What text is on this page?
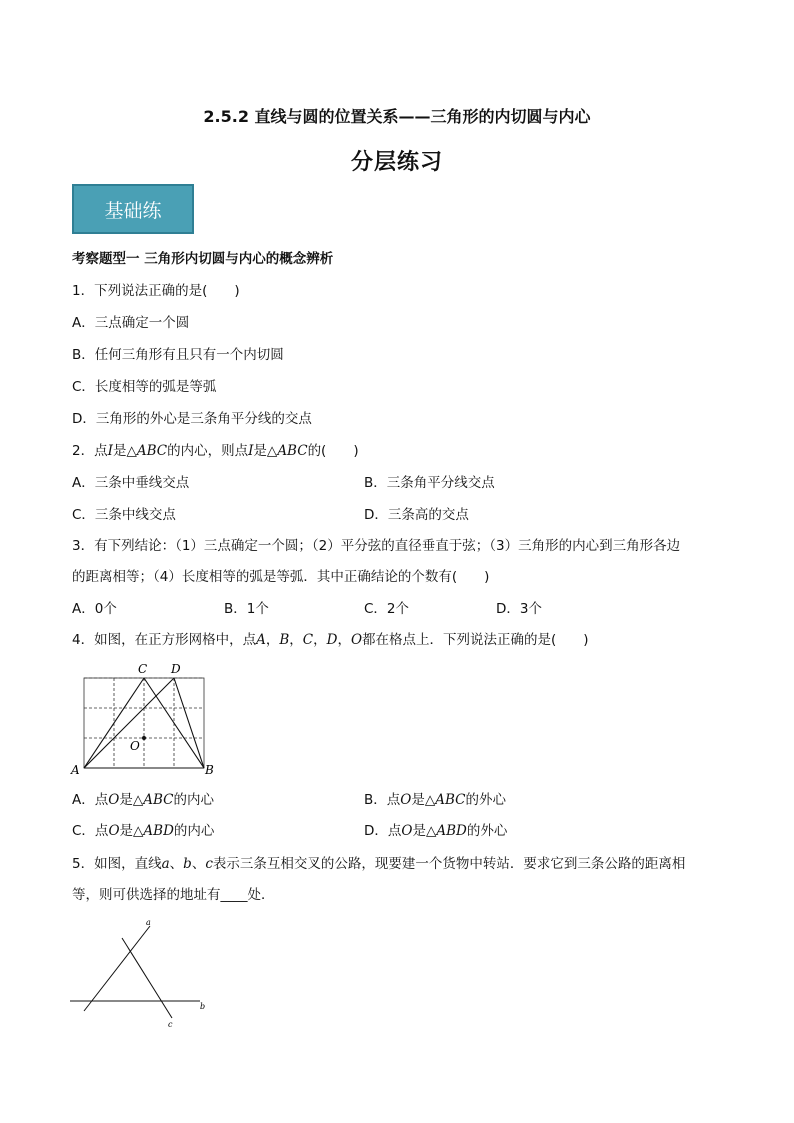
2.5.2 直线与圆的位置关系——三角形的内切圆与内心
分层练习
基础练
考察题型一 三角形内切圆与内心的概念辨析
1．下列说法正确的是(　　)
A．三点确定一个圆
B．任何三角形有且只有一个内切圆
C．长度相等的弧是等弧
D．三角形的外心是三条角平分线的交点
2．点I是△ABC的内心，则点I是△ABC的(　　)
A．三条中垂线交点	B．三条角平分线交点
C．三条中线交点	D．三条高的交点
3．有下列结论：（1）三点确定一个圆；（2）平分弦的直径垂直于弦；（3）三角形的内心到三角形各边
的距离相等；（4）长度相等的弧是等弧．其中正确结论的个数有(　　)
A．0个	B．1个	C．2个	D．3个
4．如图，在正方形网格中，点A，B，C，D，O都在格点上．下列说法正确的是(　　)
A	B
C D
O
A．点O是△ABC的内心	B．点O是△ABC的外心
C．点O是△ABD的内心	D．点O是△ABD的外心
5．如图，直线a、b、c表示三条互相交叉的公路，现要建一个货物中转站．要求它到三条公路的距离相
等，则可供选择的地址有____处．
a
b
c
